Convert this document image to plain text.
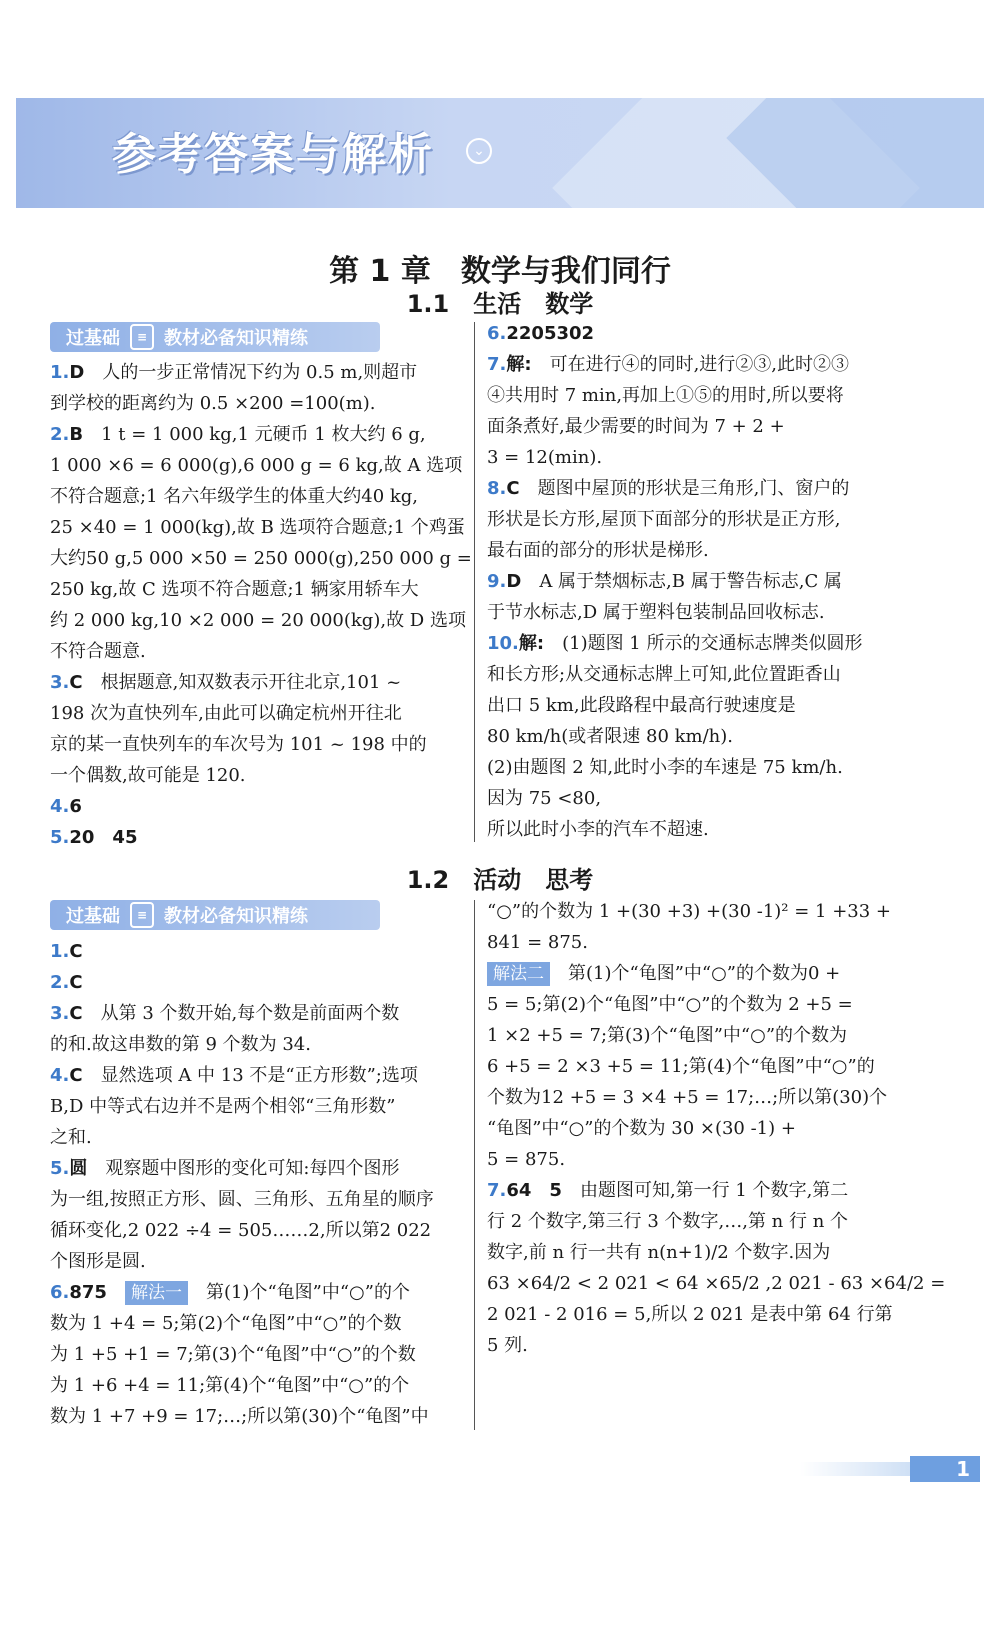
参考答案与解析	⌄
第 1 章　数学与我们同行
1.1　生活　数学
过基础	≡ 教材必备知识精练

1.D　 人的一步正常情况下约为 0.5 m,则超市

到学校的距离约为 0.5 ×200 =100(m).

2.B　 1 t = 1 000 kg,1 元硬币 1 枚大约 6 g,

1 000 ×6 = 6 000(g),6 000 g = 6 kg,故 A 选项

不符合题意;1 名六年级学生的体重大约40 kg,

25 ×40 = 1 000(kg),故 B 选项符合题意;1 个鸡蛋

大约50 g,5 000 ×50 = 250 000(g),250 000 g =

250 kg,故 C 选项不符合题意;1 辆家用轿车大

约 2 000 kg,10 ×2 000 = 20 000(kg),故 D 选项

不符合题意.

3.C　 根据题意,知双数表示开往北京,101 ~

198 次为直快列车,由此可以确定杭州开往北

京的某一直快列车的车次号为 101 ~ 198 中的

一个偶数,故可能是 120.

4.6

5.20　45

6.2205302

7.解:　 可在进行④的同时,进行②③,此时②③

④共用时 7 min,再加上①⑤的用时,所以要将

面条煮好,最少需要的时间为 7 + 2 +

3 = 12(min).

8.C　 题图中屋顶的形状是三角形,门、窗户的

形状是长方形,屋顶下面部分的形状是正方形,

最右面的部分的形状是梯形.

9.D　 A 属于禁烟标志,B 属于警告标志,C 属

于节水标志,D 属于塑料包装制品回收标志.

10.解:　 (1)题图 1 所示的交通标志牌类似圆形

和长方形;从交通标志牌上可知,此位置距香山

出口 5 km,此段路程中最高行驶速度是

80 km/h(或者限速 80 km/h).

(2)由题图 2 知,此时小李的车速是 75 km/h.

因为 75 <80,

所以此时小李的汽车不超速.

1.2　活动　思考
过基础	≡ 教材必备知识精练

1.C

2.C

3.C　 从第 3 个数开始,每个数是前面两个数

的和.故这串数的第 9 个数为 34.

4.C　 显然选项 A 中 13 不是“正方形数”;选项

B,D 中等式右边并不是两个相邻“三角形数”

之和.

5.圆　 观察题中图形的变化可知:每四个图形

为一组,按照正方形、圆、三角形、五角星的顺序

循环变化,2 022 ÷4 = 505……2,所以第2 022

个图形是圆.

6.875　 解法一　 第(1)个“龟图”中“○”的个

数为 1 +4 = 5;第(2)个“龟图”中“○”的个数

为 1 +5 +1 = 7;第(3)个“龟图”中“○”的个数

为 1 +6 +4 = 11;第(4)个“龟图”中“○”的个

数为 1 +7 +9 = 17;…;所以第(30)个“龟图”中

“○”的个数为 1 +(30 +3) +(30 -1)² = 1 +33 +

841 = 875.

解法二　 第(1)个“龟图”中“○”的个数为0 +

5 = 5;第(2)个“龟图”中“○”的个数为 2 +5 =

1 ×2 +5 = 7;第(3)个“龟图”中“○”的个数为

6 +5 = 2 ×3 +5 = 11;第(4)个“龟图”中“○”的

个数为12 +5 = 3 ×4 +5 = 17;…;所以第(30)个

“龟图”中“○”的个数为 30 ×(30 -1) +

5 = 875.

7.64　5　 由题图可知,第一行 1 个数字,第二

行 2 个数字,第三行 3 个数字,…,第 n 行 n 个

数字,前 n 行一共有 n(n+1)/2 个数字.因为

63 ×64/2 < 2 021 < 64 ×65/2 ,2 021 - 63 ×64/2 =

2 021 - 2 016 = 5,所以 2 021 是表中第 64 行第

5 列.

1
